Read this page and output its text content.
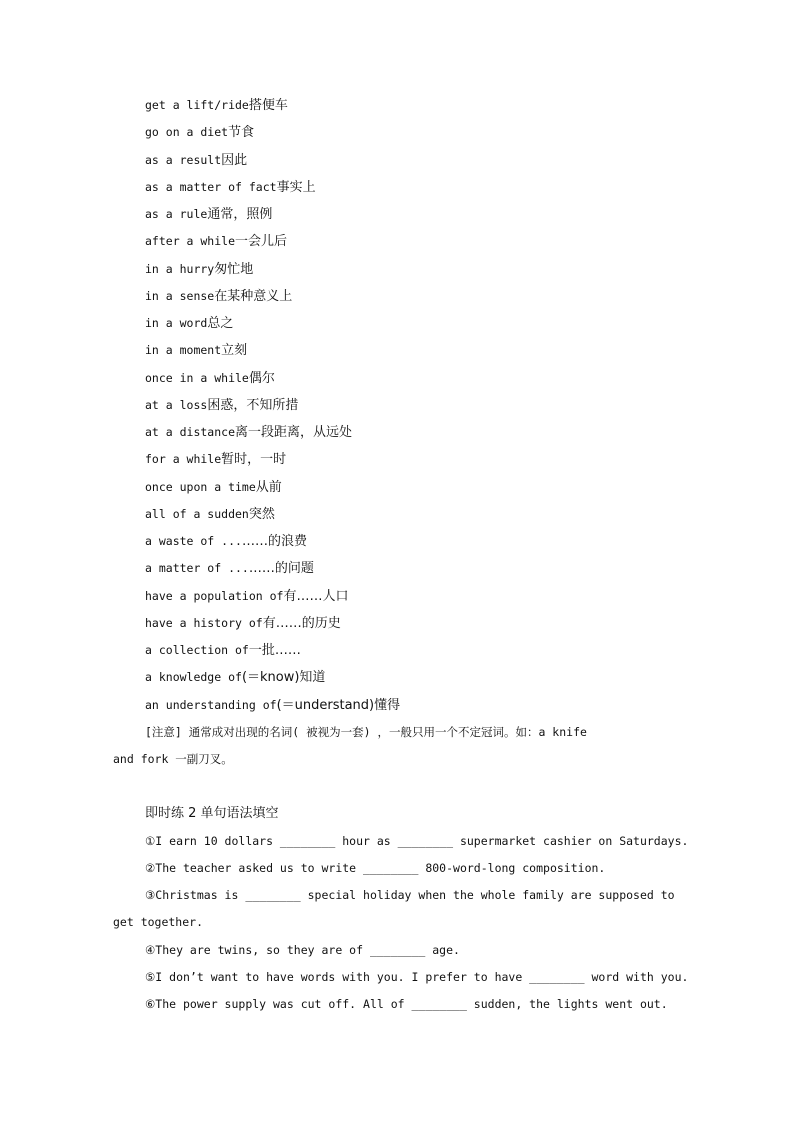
get a lift/ride搭便车
go on a diet节食
as a result因此
as a matter of fact事实上
as a rule通常，照例
after a while一会儿后
in a hurry匆忙地
in a sense在某种意义上
in a word总之
in a moment立刻
once in a while偶尔
at a loss困惑，不知所措
at a distance离一段距离，从远处
for a while暂时，一时
once upon a time从前
all of a sudden突然
a waste of ...……的浪费
a matter of ...……的问题
have a population of有……人口
have a history of有……的历史
a collection of一批……
a knowledge of(＝know)知道
an understanding of(＝understand)懂得
[注意] 通常成对出现的名词( 被视为一套) ，一般只用一个不定冠词。如：a knife
and fork 一副刀叉。
即时练 2 单句语法填空
①I earn 10 dollars ________ hour as ________ supermarket cashier on Saturdays.
②The teacher asked us to write ________ 800-word-long composition.
③Christmas is ________ special holiday when the whole family are supposed to
get together.
④They are twins, so they are of ________ age.
⑤I don’t want to have words with you. I prefer to have ________ word with you.
⑥The power supply was cut off. All of ________ sudden, the lights went out.
